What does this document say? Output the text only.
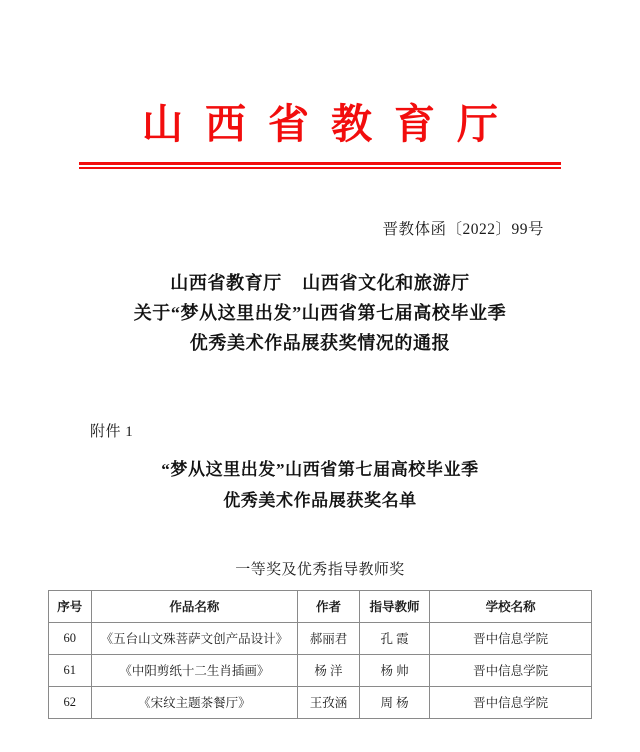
山西省教育厅
晋教体函〔2022〕99号
山西省教育厅    山西省文化和旅游厅
关于“梦从这里出发”山西省第七届高校毕业季
优秀美术作品展获奖情况的通报
附件 1
“梦从这里出发”山西省第七届高校毕业季
优秀美术作品展获奖名单
一等奖及优秀指导教师奖
序号	作品名称	作者	指导教师	学校名称
60	《五台山文殊菩萨文创产品设计》	郝丽君	孔 霞	晋中信息学院
61	《中阳剪纸十二生肖插画》	杨 洋	杨 帅	晋中信息学院
62	《宋纹主题茶餐厅》	王孜涵	周 杨	晋中信息学院
